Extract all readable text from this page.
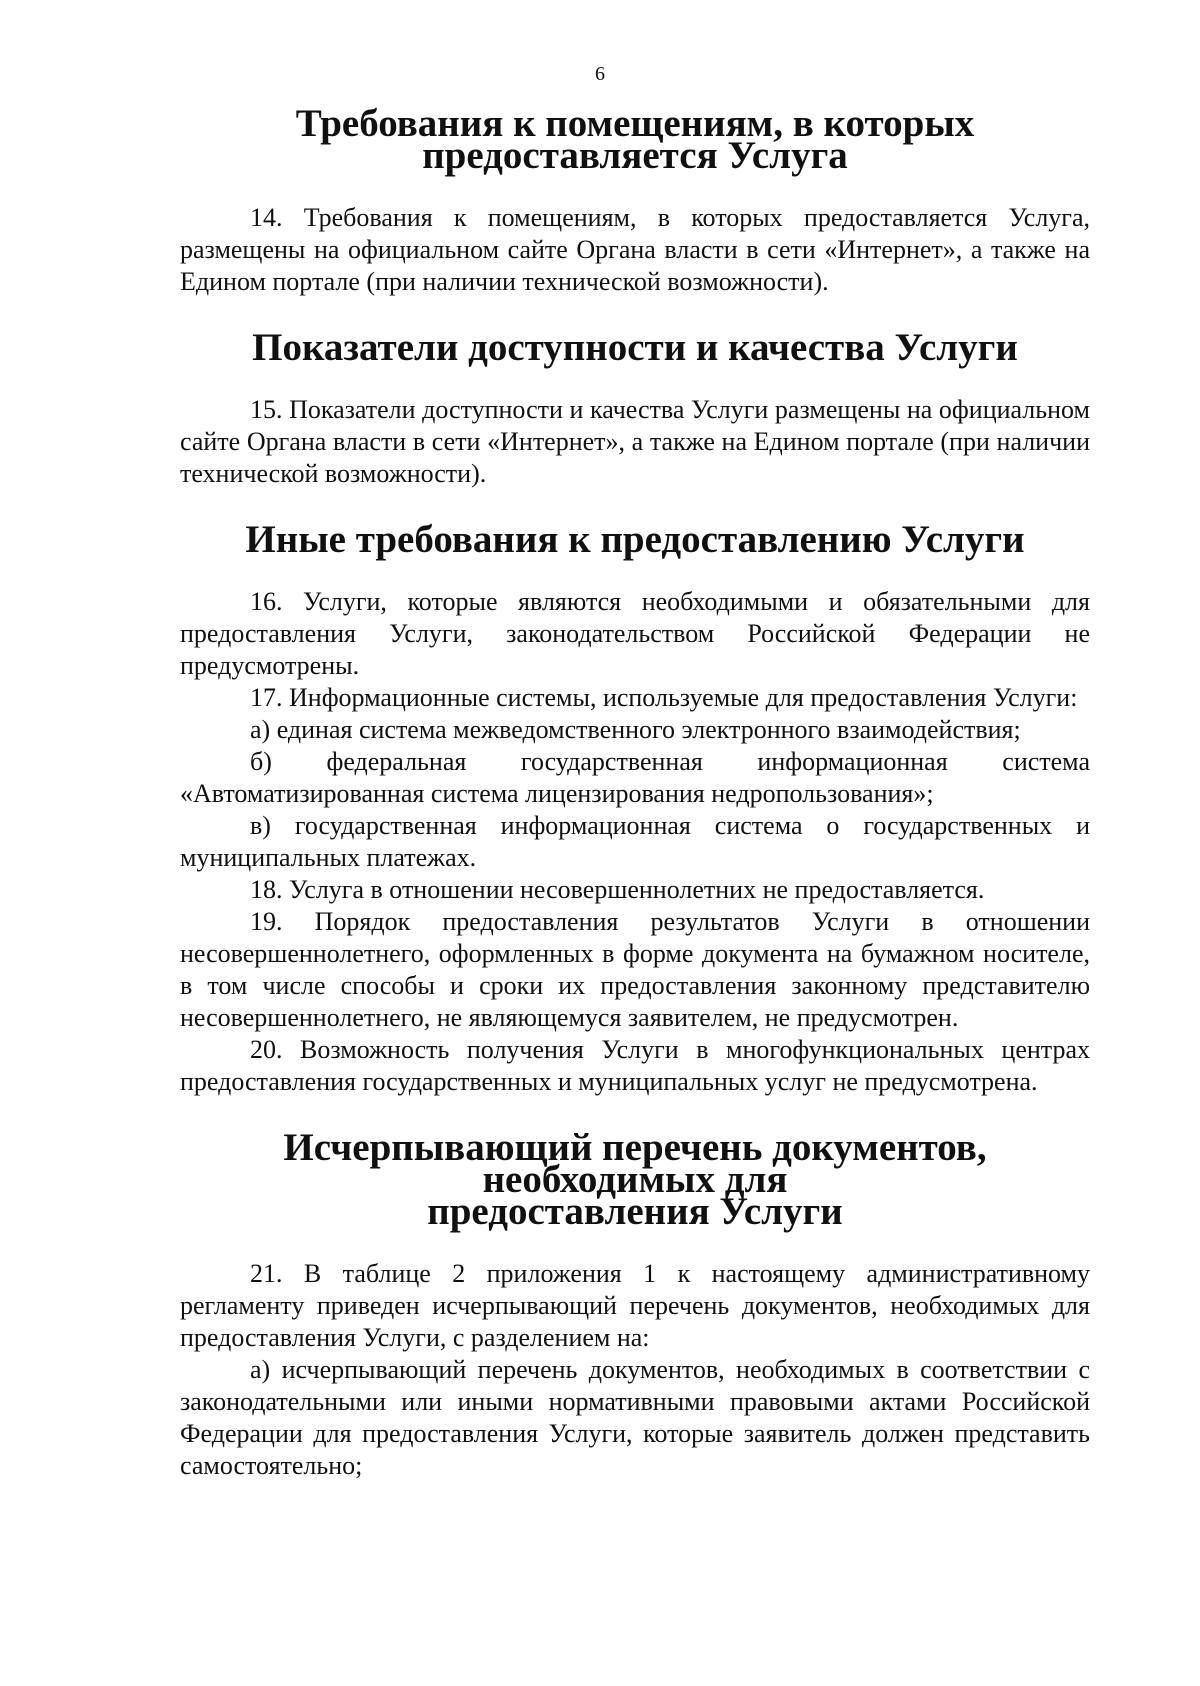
6
Требования к помещениям, в которых предоставляется Услуга

14. Требования к помещениям, в которых предоставляется Услуга, размещены на официальном сайте Органа власти в сети «Интернет», а также на Едином портале (при наличии технической возможности).

Показатели доступности и качества Услуги

15. Показатели доступности и качества Услуги размещены на официальном сайте Органа власти в сети «Интернет», а также на Едином портале (при наличии технической возможности).

Иные требования к предоставлению Услуги

16. Услуги, которые являются необходимыми и обязательными для предоставления Услуги, законодательством Российской Федерации не предусмотрены.

17. Информационные системы, используемые для предоставления Услуги:

а) единая система межведомственного электронного взаимодействия;

б) федеральная государственная информационная система «Автоматизированная система лицензирования недропользования»;

в) государственная информационная система о государственных и муниципальных платежах.

18. Услуга в отношении несовершеннолетних не предоставляется.

19. Порядок предоставления результатов Услуги в отношении несовершеннолетнего, оформленных в форме документа на бумажном носителе, в том числе способы и сроки их предоставления законному представителю несовершеннолетнего, не являющемуся заявителем, не предусмотрен.

20. Возможность получения Услуги в многофункциональных центрах предоставления государственных и муниципальных услуг не предусмотрена.

Исчерпывающий перечень документов, необходимых для
предоставления Услуги

21. В таблице 2 приложения 1 к настоящему административному регламенту приведен исчерпывающий перечень документов, необходимых для предоставления Услуги, с разделением на:

а) исчерпывающий перечень документов, необходимых в соответствии с законодательными или иными нормативными правовыми актами Российской Федерации для предоставления Услуги, которые заявитель должен представить самостоятельно;
